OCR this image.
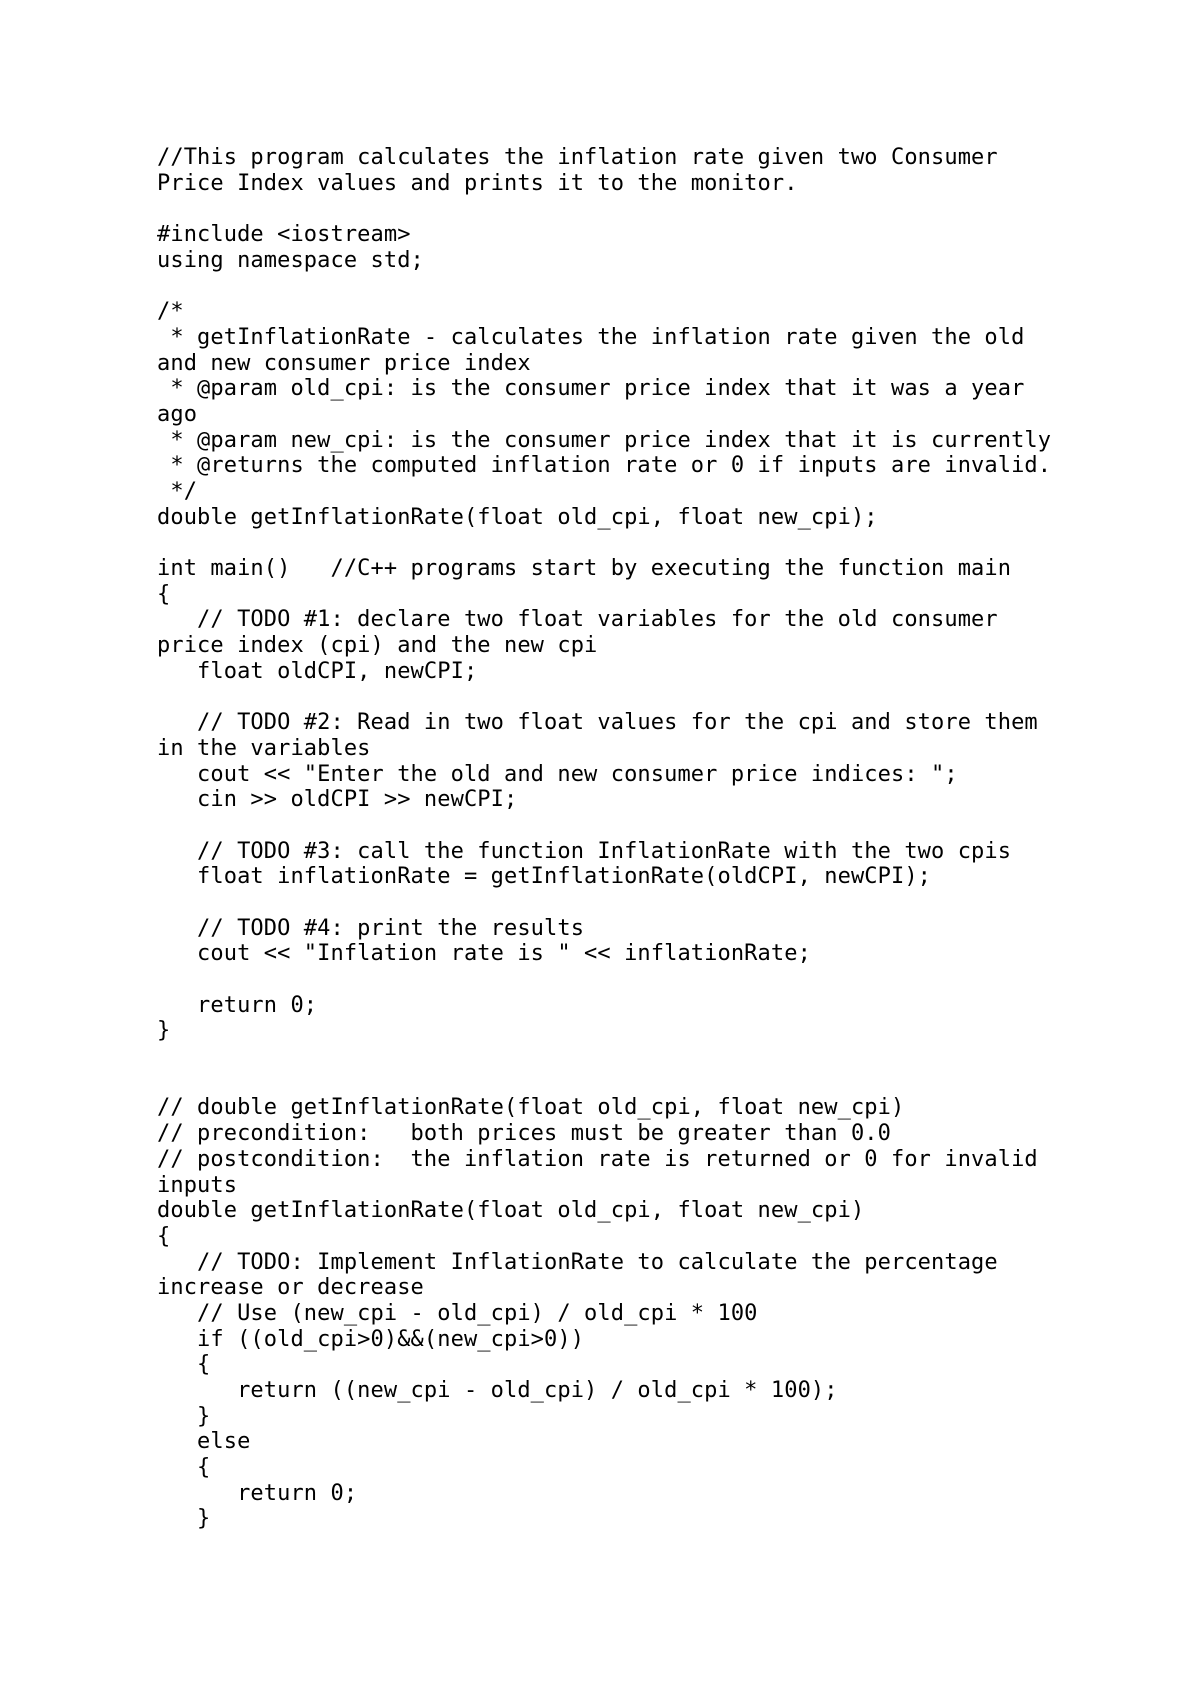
//This program calculates the inflation rate given two Consumer
Price Index values and prints it to the monitor.
#include <iostream>
using namespace std;
/*
* getInflationRate - calculates the inflation rate given the old
and new consumer price index
* @param old_cpi: is the consumer price index that it was a year
ago
* @param new_cpi: is the consumer price index that it is currently
* @returns the computed inflation rate or 0 if inputs are invalid.
*/
double getInflationRate(float old_cpi, float new_cpi);
int main()   //C++ programs start by executing the function main
{
// TODO #1: declare two float variables for the old consumer
price index (cpi) and the new cpi
float oldCPI, newCPI;
// TODO #2: Read in two float values for the cpi and store them
in the variables
cout << "Enter the old and new consumer price indices: ";
cin >> oldCPI >> newCPI;
// TODO #3: call the function InflationRate with the two cpis
float inflationRate = getInflationRate(oldCPI, newCPI);
// TODO #4: print the results
cout << "Inflation rate is " << inflationRate;
return 0;
}
// double getInflationRate(float old_cpi, float new_cpi)
// precondition:   both prices must be greater than 0.0
// postcondition:  the inflation rate is returned or 0 for invalid
inputs
double getInflationRate(float old_cpi, float new_cpi)
{
// TODO: Implement InflationRate to calculate the percentage
increase or decrease
// Use (new_cpi - old_cpi) / old_cpi * 100
if ((old_cpi>0)&&(new_cpi>0))
{
return ((new_cpi - old_cpi) / old_cpi * 100);
}
else
{
return 0;
}
